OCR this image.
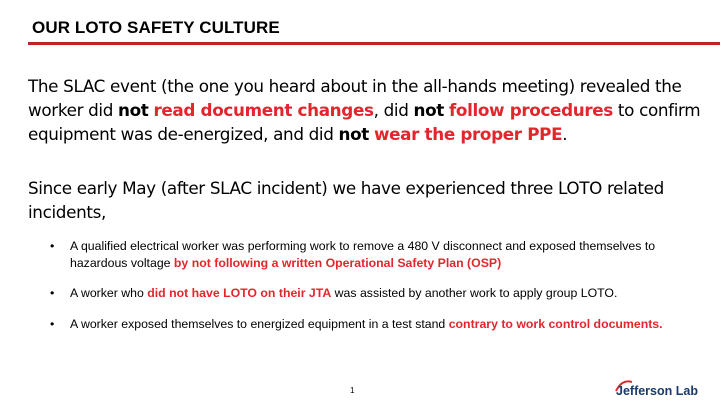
OUR LOTO SAFETY CULTURE
The SLAC event (the one you heard about in the all-hands meeting) revealed the worker did not read document changes, did not follow procedures to confirm equipment was de-energized, and did not wear the proper PPE.
Since early May (after SLAC incident) we have experienced three LOTO related incidents,
• A qualified electrical worker was performing work to remove a 480 V disconnect and exposed themselves to hazardous voltage by not following a written Operational Safety Plan (OSP)
• A worker who did not have LOTO on their JTA was assisted by another work to apply group LOTO.
• A worker exposed themselves to energized equipment in a test stand contrary to work control documents.
1	Jefferson Lab
